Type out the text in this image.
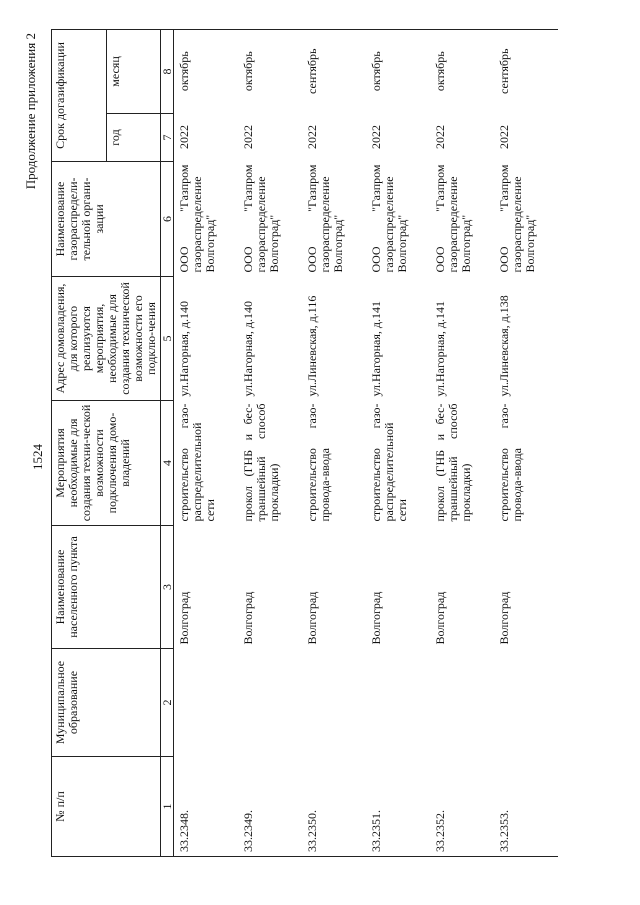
1524
Продолжение приложения 2
№ п/п	Муниципальное образование	Наименование населенного пункта	Мероприятия необходимые для создания техни-ческой возможности подключения домо-владений	Адрес домовладения, для которого реализуются мероприятия, необходимые для создания технической возможности его подклю-чения	Наименование газораспредели-тельной органи-зации	Срок догазификации	
						год	месяц
1	2	3	4	5	6	7	8
33.2348.		Волгоград	строительство газо-распределительной сети	ул.Нагорная, д.140	ООО "Газпром газораспределение Волгоград"	2022	октябрь
33.2349.		Волгоград	прокол (ГНБ и бес-траншейный способ прокладки)	ул.Нагорная, д.140	ООО "Газпром газораспределение Волгоград"	2022	октябрь
33.2350.		Волгоград	строительство газо-провода-ввода	ул.Линевская, д.116	ООО "Газпром газораспределение Волгоград"	2022	сентябрь
33.2351.		Волгоград	строительство газо-распределительной сети	ул.Нагорная, д.141	ООО "Газпром газораспределение Волгоград"	2022	октябрь
33.2352.		Волгоград	прокол (ГНБ и бес-траншейный способ прокладки)	ул.Нагорная, д.141	ООО "Газпром газораспределение Волгоград"	2022	октябрь
33.2353.		Волгоград	строительство газо-провода-ввода	ул.Линевская, д.138	ООО "Газпром газораспределение Волгоград"	2022	сентябрь
